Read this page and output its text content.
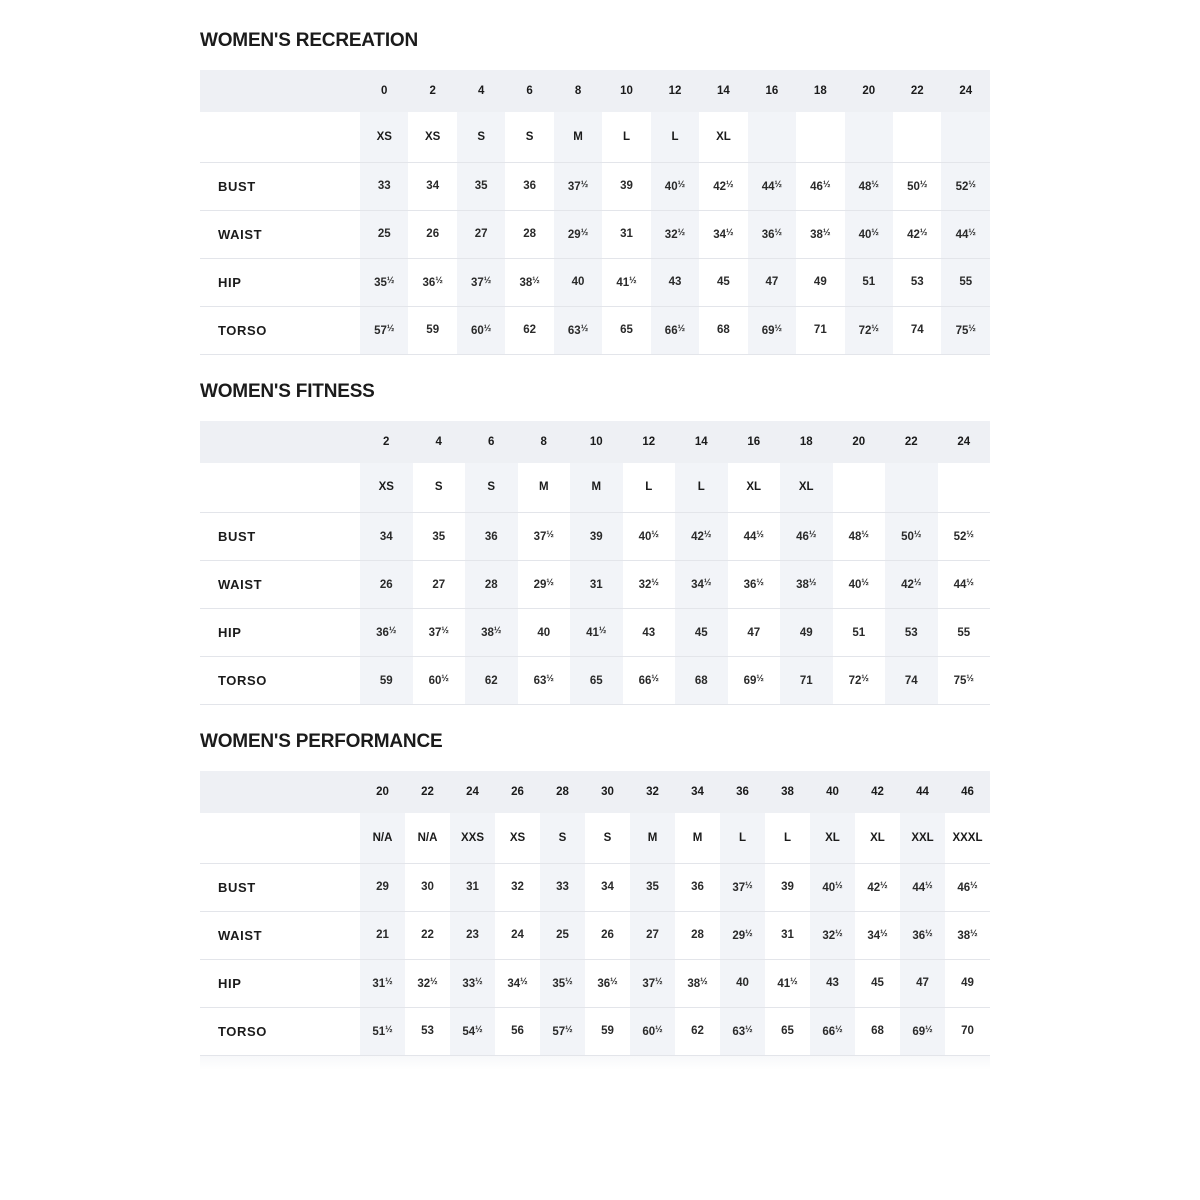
WOMEN'S RECREATION
	0	2	4	6	8	10	12	14	16	18	20	22	24
	XS	XS	S	S	M	L	L	XL					
BUST	33	34	35	36	$37^{\frac{1}{2}}$	39	$40^{\frac{1}{2}}$	$42^{\frac{1}{2}}$	$44^{\frac{1}{2}}$	$46^{\frac{1}{2}}$	$48^{\frac{1}{2}}$	$50^{\frac{1}{2}}$	$52^{\frac{1}{2}}$
WAIST	25	26	27	28	$29^{\frac{1}{2}}$	31	$32^{\frac{1}{2}}$	$34^{\frac{1}{2}}$	$36^{\frac{1}{2}}$	$38^{\frac{1}{2}}$	$40^{\frac{1}{2}}$	$42^{\frac{1}{2}}$	$44^{\frac{1}{2}}$
HIP	$35^{\frac{1}{2}}$	$36^{\frac{1}{2}}$	$37^{\frac{1}{2}}$	$38^{\frac{1}{2}}$	40	$41^{\frac{1}{2}}$	43	45	47	49	51	53	55
TORSO	$57^{\frac{1}{2}}$	59	$60^{\frac{1}{2}}$	62	$63^{\frac{1}{2}}$	65	$66^{\frac{1}{2}}$	68	$69^{\frac{1}{2}}$	71	$72^{\frac{1}{2}}$	74	$75^{\frac{1}{2}}$
WOMEN'S FITNESS
	2	4	6	8	10	12	14	16	18	20	22	24
	XS	S	S	M	M	L	L	XL	XL			
BUST	34	35	36	$37^{\frac{1}{2}}$	39	$40^{\frac{1}{2}}$	$42^{\frac{1}{2}}$	$44^{\frac{1}{2}}$	$46^{\frac{1}{2}}$	$48^{\frac{1}{2}}$	$50^{\frac{1}{2}}$	$52^{\frac{1}{2}}$
WAIST	26	27	28	$29^{\frac{1}{2}}$	31	$32^{\frac{1}{2}}$	$34^{\frac{1}{2}}$	$36^{\frac{1}{2}}$	$38^{\frac{1}{2}}$	$40^{\frac{1}{2}}$	$42^{\frac{1}{2}}$	$44^{\frac{1}{2}}$
HIP	$36^{\frac{1}{2}}$	$37^{\frac{1}{2}}$	$38^{\frac{1}{2}}$	40	$41^{\frac{1}{2}}$	43	45	47	49	51	53	55
TORSO	59	$60^{\frac{1}{2}}$	62	$63^{\frac{1}{2}}$	65	$66^{\frac{1}{2}}$	68	$69^{\frac{1}{2}}$	71	$72^{\frac{1}{2}}$	74	$75^{\frac{1}{2}}$
WOMEN'S PERFORMANCE
	20	22	24	26	28	30	32	34	36	38	40	42	44	46
	N/A	N/A	XXS	XS	S	S	M	M	L	L	XL	XL	XXL	XXXL
BUST	29	30	31	32	33	34	35	36	$37^{\frac{1}{2}}$	39	$40^{\frac{1}{2}}$	$42^{\frac{1}{2}}$	$44^{\frac{1}{2}}$	$46^{\frac{1}{2}}$
WAIST	21	22	23	24	25	26	27	28	$29^{\frac{1}{2}}$	31	$32^{\frac{1}{2}}$	$34^{\frac{1}{2}}$	$36^{\frac{1}{2}}$	$38^{\frac{1}{2}}$
HIP	$31^{\frac{1}{2}}$	$32^{\frac{1}{2}}$	$33^{\frac{1}{2}}$	$34^{\frac{1}{2}}$	$35^{\frac{1}{2}}$	$36^{\frac{1}{2}}$	$37^{\frac{1}{2}}$	$38^{\frac{1}{2}}$	40	$41^{\frac{1}{2}}$	43	45	47	49
TORSO	$51^{\frac{1}{2}}$	53	$54^{\frac{1}{2}}$	56	$57^{\frac{1}{2}}$	59	$60^{\frac{1}{2}}$	62	$63^{\frac{1}{2}}$	65	$66^{\frac{1}{2}}$	68	$69^{\frac{1}{2}}$	70
